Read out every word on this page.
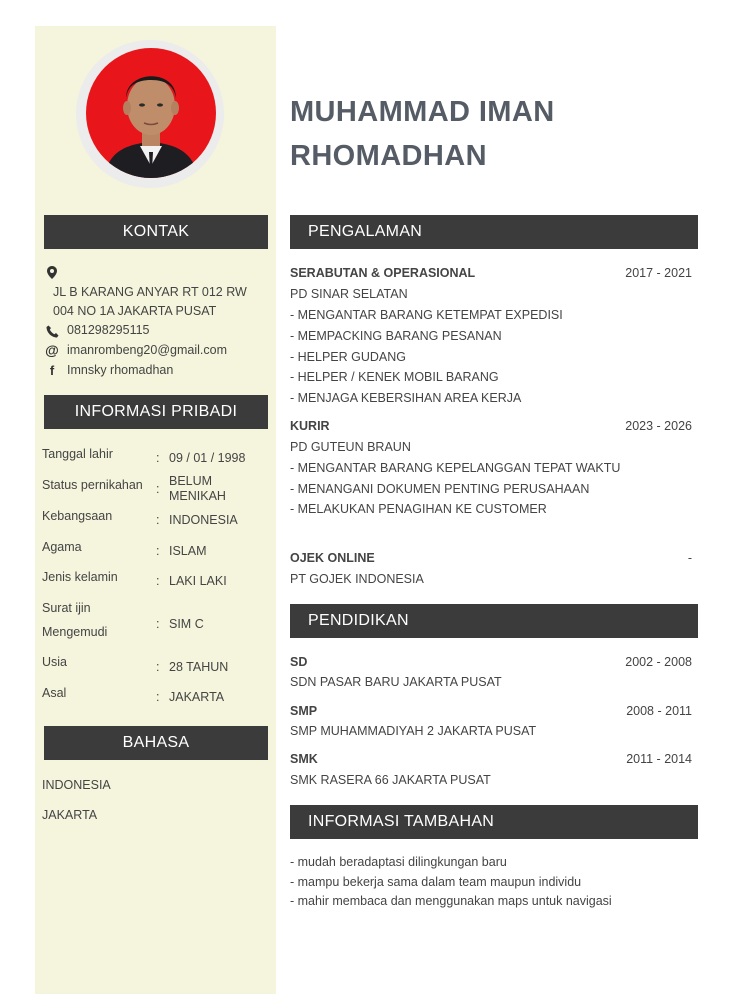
KONTAK
JL B KARANG ANYAR RT 012 RW
004 NO 1A JAKARTA PUSAT
081298295115
@ imanrombeng20@gmail.com
f	Imnsky rhomadhan
INFORMASI PRIBADI
Tanggal lahir	: 09 / 01 / 1998
Status pernikahan :
BELUM
MENIKAH
Kebangsaan	: INDONESIA
Agama	: ISLAM
Jenis kelamin	: LAKI LAKI
Surat ijin
Mengemudi
: SIM C
Usia	: 28 TAHUN
Asal	: JAKARTA
BAHASA
INDONESIA
JAKARTA
MUHAMMAD IMAN
RHOMADHAN
PENGALAMAN
SERABUTAN & OPERASIONAL	2017 - 2021
PD SINAR SELATAN
- MENGANTAR BARANG KETEMPAT EXPEDISI
- MEMPACKING BARANG PESANAN
- HELPER GUDANG
- HELPER / KENEK MOBIL BARANG
- MENJAGA KEBERSIHAN AREA KERJA
KURIR	2023 - 2026
PD GUTEUN BRAUN
- MENGANTAR BARANG KEPELANGGAN TEPAT WAKTU
- MENANGANI DOKUMEN PENTING PERUSAHAAN
- MELAKUKAN PENAGIHAN KE CUSTOMER
OJEK ONLINE	-
PT GOJEK INDONESIA
PENDIDIKAN
SD	2002 - 2008
SDN PASAR BARU JAKARTA PUSAT
SMP	2008 - 2011
SMP MUHAMMADIYAH 2 JAKARTA PUSAT
SMK	2011 - 2014
SMK RASERA 66 JAKARTA PUSAT
INFORMASI TAMBAHAN
- mudah beradaptasi dilingkungan baru
- mampu bekerja sama dalam team maupun individu
- mahir membaca dan menggunakan maps untuk navigasi
